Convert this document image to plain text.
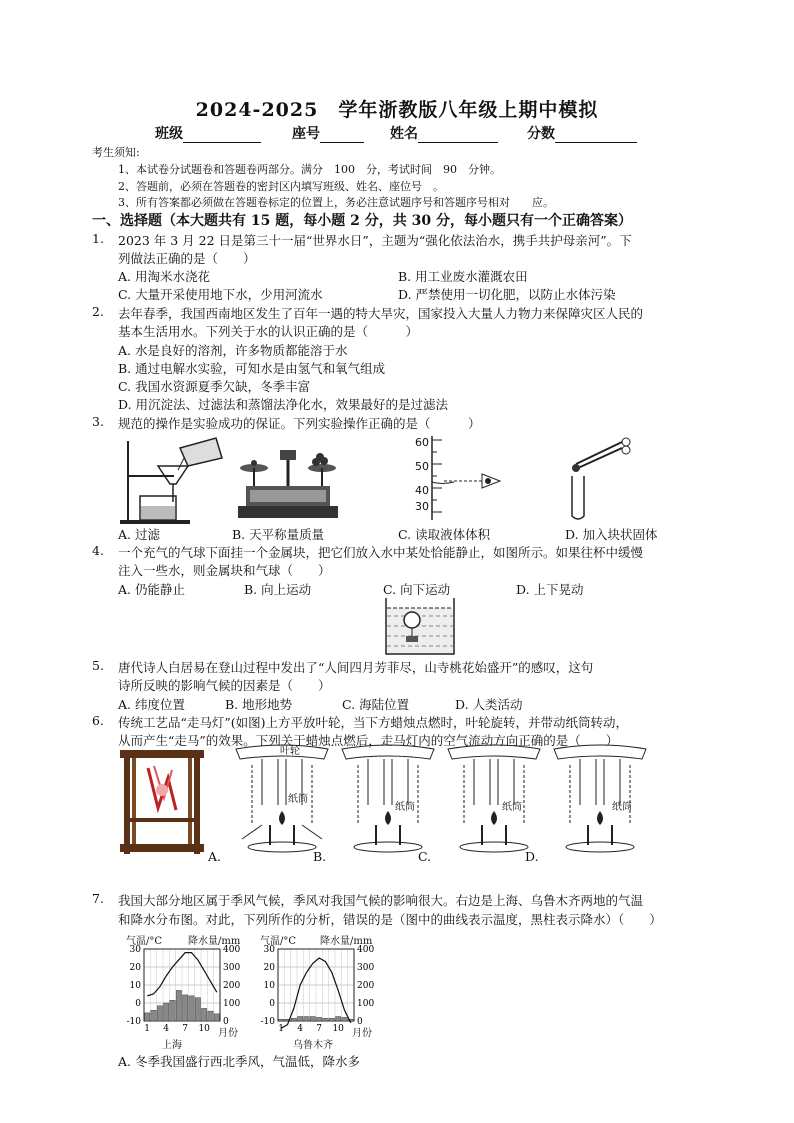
2024-2025　学年浙教版八年级上期中模拟
班级	座号	姓名	分数
考生须知:
1、本试卷分试题卷和答题卷两部分。满分　100　分，考试时间　90　分钟。
2、答题前，必须在答题卷的密封区内填写班级、姓名、座位号　。
3、所有答案都必须做在答题卷标定的位置上，务必注意试题序号和答题序号相对　　应。
一、选择题（本大题共有 15 题，每小题 2 分，共 30 分，每小题只有一个正确答案）
1. 2023 年 3 月 22 日是第三十一届“世界水日”，主题为“强化依法治水，携手共护母亲河”。下
列做法正确的是（　　）
A. 用淘米水浇花	B. 用工业废水灌溉农田
C. 大量开采使用地下水，少用河流水	D. 严禁使用一切化肥，以防止水体污染
2. 去年春季，我国西南地区发生了百年一遇的特大旱灾，国家投入大量人力物力来保障灾区人民的
基本生活用水。下列关于水的认识正确的是（　　　）
A. 水是良好的溶剂，许多物质都能溶于水
B. 通过电解水实验，可知水是由氢气和氧气组成
C. 我国水资源夏季欠缺，冬季丰富
D. 用沉淀法、过滤法和蒸馏法净化水，效果最好的是过滤法
3. 规范的操作是实验成功的保证。下列实验操作正确的是（　　　）
60
50
40
30
A. 过滤	B. 天平称量质量	C. 读取液体体积	D. 加入块状固体
4. 一个充气的气球下面挂一个金属块，把它们放入水中某处恰能静止，如图所示。如果往杯中缓慢
注入一些水，则金属块和气球（　　）
A. 仍能静止	B. 向上运动	C. 向下运动	D. 上下晃动
5. 唐代诗人白居易在登山过程中发出了“人间四月芳菲尽，山寺桃花始盛开”的感叹，这句
诗所反映的影响气候的因素是（　　）
A. 纬度位置	B. 地形地势	C. 海陆位置	D. 人类活动
6. 传统工艺品“走马灯”(如图)上方平放叶轮，当下方蜡烛点燃时，叶轮旋转，并带动纸筒转动，
从而产生“走马”的效果。下列关于蜡烛点燃后，走马灯内的空气流动方向正确的是（　　）
叶轮
纸筒
纸筒	纸筒	纸筒
A.	B.	C.	D.
7. 我国大部分地区属于季风气候，季风对我国气候的影响很大。右边是上海、乌鲁木齐两地的气温
和降水分布图。对此，下列所作的分析，错误的是（图中的曲线表示温度，黑柱表示降水）（　　）
气温/°C	降水量/mm 气温/°C 降水量/mm
30
20
10
0
-10
400
300
200
100
0
1 4 7 10
30
20
10
0
-10
400
300
200
100
0
1 4 7 10
上海
月份
乌鲁木齐
月份
A. 冬季我国盛行西北季风，气温低，降水多
